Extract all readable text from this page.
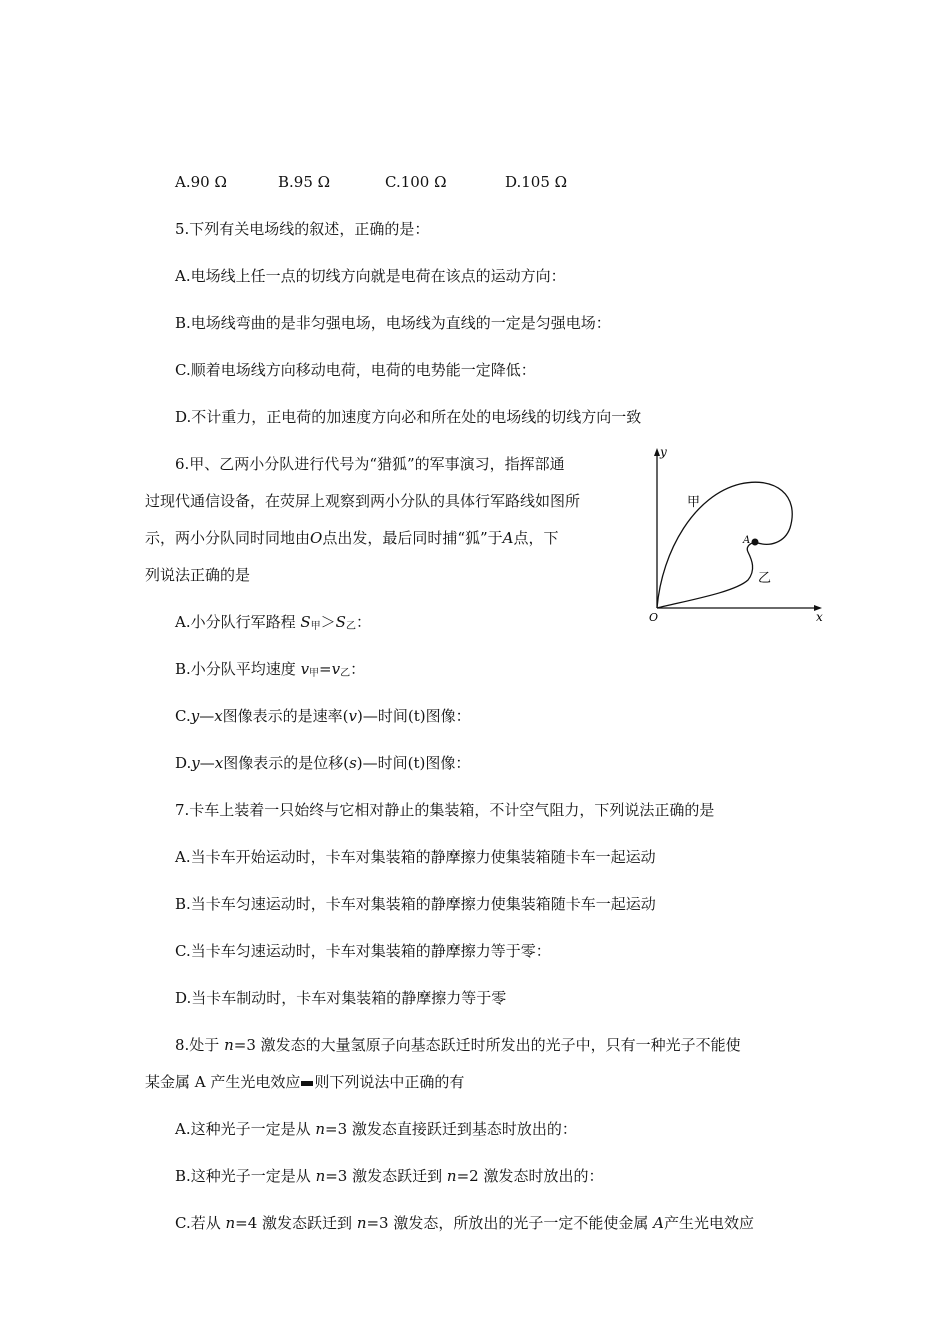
A.90 Ω	B.95 Ω	C.100 Ω	D.105 Ω
5.下列有关电场线的叙述，正确的是：
A.电场线上任一点的切线方向就是电荷在该点的运动方向：
B.电场线弯曲的是非匀强电场，电场线为直线的一定是匀强电场：
C.顺着电场线方向移动电荷，电荷的电势能一定降低：
D.不计重力，正电荷的加速度方向必和所在处的电场线的切线方向一致
6.甲、乙两小分队进行代号为“猎狐”的军事演习，指挥部通
过现代通信设备，在荧屏上观察到两小分队的具体行军路线如图所
示，两小分队同时同地由O点出发，最后同时捕“狐”于A点，下
列说法正确的是
A.小分队行军路程 $S_甲>S_乙$：
B.小分队平均速度 $v_甲=v_乙$：
C.y—x图像表示的是速率(v)—时间(t)图像：
D.y—x图像表示的是位移(s)—时间(t)图像：
y
x
O
甲
乙
A
7.卡车上装着一只始终与它相对静止的集装箱，不计空气阻力，下列说法正确的是
A.当卡车开始运动时，卡车对集装箱的静摩擦力使集装箱随卡车一起运动
B.当卡车匀速运动时，卡车对集装箱的静摩擦力使集装箱随卡车一起运动
C.当卡车匀速运动时，卡车对集装箱的静摩擦力等于零：
D.当卡车制动时，卡车对集装箱的静摩擦力等于零
8.处于 n=3 激发态的大量氢原子向基态跃迁时所发出的光子中，只有一种光子不能使
某金属 A 产生光电效应 则下列说法中正确的有
A.这种光子一定是从 n=3 激发态直接跃迁到基态时放出的：
B.这种光子一定是从 n=3 激发态跃迁到 n=2 激发态时放出的：
C.若从 n=4 激发态跃迁到 n=3 激发态，所放出的光子一定不能使金属 A产生光电效应
